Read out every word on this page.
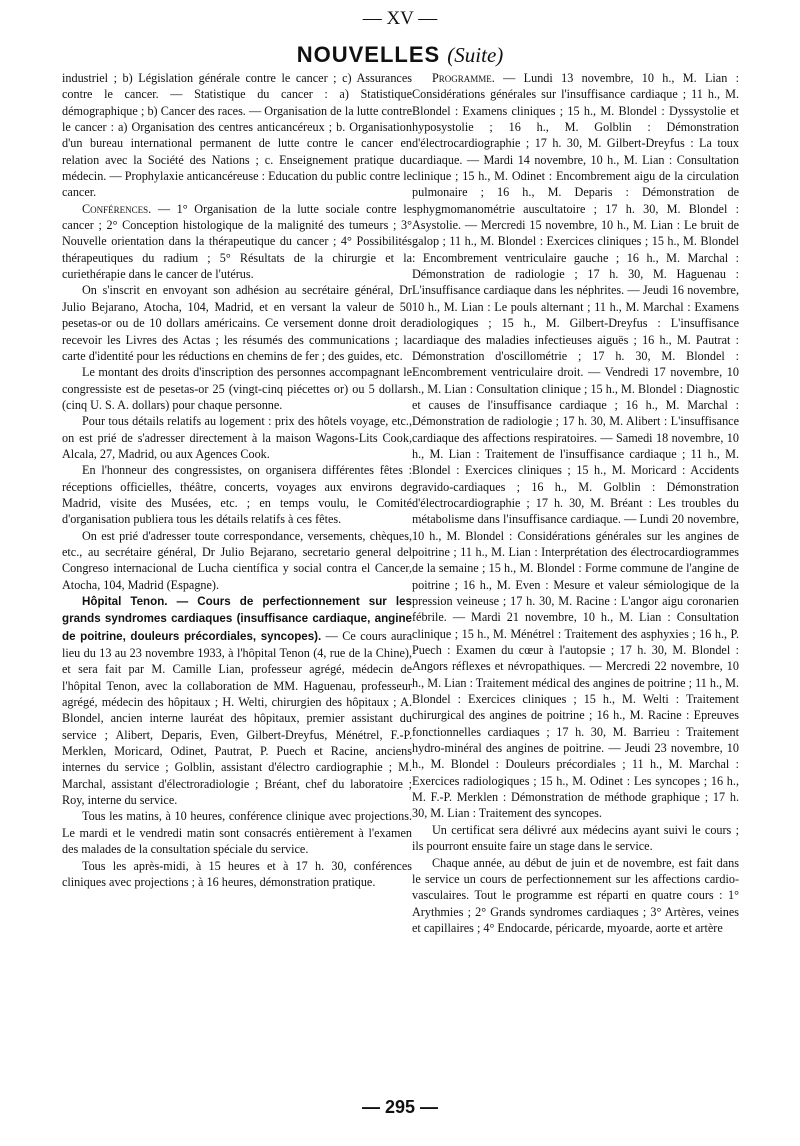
— XV —
NOUVELLES (Suite)

industriel ; b) Législation générale contre le cancer ; c) Assurances contre le cancer. — Statistique du cancer : a) Statistique démographique ; b) Cancer des races. — Organisation de la lutte contre le cancer : a) Organisation des centres anticancéreux ; b. Organisation d'un bureau international permanent de lutte contre le cancer en relation avec la Société des Nations ; c. Enseignement pratique du médecin. — Prophylaxie anticancéreuse : Education du public contre le cancer.

Conférences. — 1° Organisation de la lutte sociale contre le cancer ; 2° Conception histologique de la malignité des tumeurs ; 3° Nouvelle orientation dans la thérapeutique du cancer ; 4° Possibilités thérapeutiques du radium ; 5° Résultats de la chirurgie et la curiethérapie dans le cancer de l'utérus.

On s'inscrit en envoyant son adhésion au secrétaire général, Dr Julio Bejarano, Atocha, 104, Madrid, et en versant la valeur de 50 pesetas-or ou de 10 dollars américains. Ce versement donne droit de recevoir les Livres des Actas ; les résumés des communications ; la carte d'identité pour les réductions en chemins de fer ; des guides, etc.

Le montant des droits d'inscription des personnes accompagnant le congressiste est de pesetas-or 25 (vingt-cinq piécettes or) ou 5 dollars (cinq U. S. A. dollars) pour chaque personne.

Pour tous détails relatifs au logement : prix des hôtels voyage, etc., on est prié de s'adresser directement à la maison Wagons-Lits Cook, Alcala, 27, Madrid, ou aux Agences Cook.

En l'honneur des congressistes, on organisera différentes fêtes : réceptions officielles, théâtre, concerts, voyages aux environs de Madrid, visite des Musées, etc. ; en temps voulu, le Comité d'organisation publiera tous les détails relatifs à ces fêtes.

On est prié d'adresser toute correspondance, versements, chèques, etc., au secrétaire général, Dr Julio Bejarano, secretario general del Congreso internacional de Lucha científica y social contra el Cancer, Atocha, 104, Madrid (Espagne).

Hôpital Tenon. — Cours de perfectionnement sur les grands syndromes cardiaques (insuffisance cardiaque, angine de poitrine, douleurs précordiales, syncopes). — Ce cours aura lieu du 13 au 23 novembre 1933, à l'hôpital Tenon (4, rue de la Chine), et sera fait par M. Camille Lian, professeur agrégé, médecin de l'hôpital Tenon, avec la collaboration de MM. Haguenau, professeur agrégé, médecin des hôpitaux ; H. Welti, chirurgien des hôpitaux ; A. Blondel, ancien interne lauréat des hôpitaux, premier assistant du service ; Alibert, Deparis, Even, Gilbert-Dreyfus, Ménétrel, F.-P. Merklen, Moricard, Odinet, Pautrat, P. Puech et Racine, anciens internes du service ; Golblin, assistant d'électro cardiographie ; M. Marchal, assistant d'électroradiologie ; Bréant, chef du laboratoire ; Roy, interne du service.

Tous les matins, à 10 heures, conférence clinique avec projections. Le mardi et le vendredi matin sont consacrés entièrement à l'examen des malades de la consultation spéciale du service.

Tous les après-midi, à 15 heures et à 17 h. 30, conférences cliniques avec projections ; à 16 heures, démonstration pratique.

Programme. — Lundi 13 novembre, 10 h., M. Lian : Considérations générales sur l'insuffisance cardiaque ; 11 h., M. Blondel : Examens cliniques ; 15 h., M. Blondel : Dyssystolie et hyposystolie ; 16 h., M. Golblin : Démonstration d'électrocardiographie ; 17 h. 30, M. Gilbert-Dreyfus : La toux cardiaque. — Mardi 14 novembre, 10 h., M. Lian : Consultation clinique ; 15 h., M. Odinet : Encombrement aigu de la circulation pulmonaire ; 16 h., M. Deparis : Démonstration de sphygmomanométrie auscultatoire ; 17 h. 30, M. Blondel : Asystolie. — Mercredi 15 novembre, 10 h., M. Lian : Le bruit de galop ; 11 h., M. Blondel : Exercices cliniques ; 15 h., M. Blondel : Encombrement ventriculaire gauche ; 16 h., M. Marchal : Démonstration de radiologie ; 17 h. 30, M. Haguenau : L'insuffisance cardiaque dans les néphrites. — Jeudi 16 novembre, 10 h., M. Lian : Le pouls alternant ; 11 h., M. Marchal : Examens radiologiques ; 15 h., M. Gilbert-Dreyfus : L'insuffisance cardiaque des maladies infectieuses aiguës ; 16 h., M. Pautrat : Démonstration d'oscillométrie ; 17 h. 30, M. Blondel : Encombrement ventriculaire droit. — Vendredi 17 novembre, 10 h., M. Lian : Consultation clinique ; 15 h., M. Blondel : Diagnostic et causes de l'insuffisance cardiaque ; 16 h., M. Marchal : Démonstration de radiologie ; 17 h. 30, M. Alibert : L'insuffisance cardiaque des affections respiratoires. — Samedi 18 novembre, 10 h., M. Lian : Traitement de l'insuffisance cardiaque ; 11 h., M. Blondel : Exercices cliniques ; 15 h., M. Moricard : Accidents gravido-cardiaques ; 16 h., M. Golblin : Démonstration d'électrocardiographie ; 17 h. 30, M. Bréant : Les troubles du métabolisme dans l'insuffisance cardiaque. — Lundi 20 novembre, 10 h., M. Blondel : Considérations générales sur les angines de poitrine ; 11 h., M. Lian : Interprétation des électrocardiogrammes de la semaine ; 15 h., M. Blondel : Forme commune de l'angine de poitrine ; 16 h., M. Even : Mesure et valeur sémiologique de la pression veineuse ; 17 h. 30, M. Racine : L'angor aigu coronarien fébrile. — Mardi 21 novembre, 10 h., M. Lian : Consultation clinique ; 15 h., M. Ménétrel : Traitement des asphyxies ; 16 h., P. Puech : Examen du cœur à l'autopsie ; 17 h. 30, M. Blondel : Angors réflexes et névropathiques. — Mercredi 22 novembre, 10 h., M. Lian : Traitement médical des angines de poitrine ; 11 h., M. Blondel : Exercices cliniques ; 15 h., M. Welti : Traitement chirurgical des angines de poitrine ; 16 h., M. Racine : Epreuves fonctionnelles cardiaques ; 17 h. 30, M. Barrieu : Traitement hydro-minéral des angines de poitrine. — Jeudi 23 novembre, 10 h., M. Blondel : Douleurs précordiales ; 11 h., M. Marchal : Exercices radiologiques ; 15 h., M. Odinet : Les syncopes ; 16 h., M. F.-P. Merklen : Démonstration de méthode graphique ; 17 h. 30, M. Lian : Traitement des syncopes.

Un certificat sera délivré aux médecins ayant suivi le cours ; ils pourront ensuite faire un stage dans le service.

Chaque année, au début de juin et de novembre, est fait dans le service un cours de perfectionnement sur les affections cardio-vasculaires. Tout le programme est réparti en quatre cours : 1° Arythmies ; 2° Grands syndromes cardiaques ; 3° Artères, veines et capillaires ; 4° Endocarde, péricarde, myoarde, aorte et artère

— 295 —
